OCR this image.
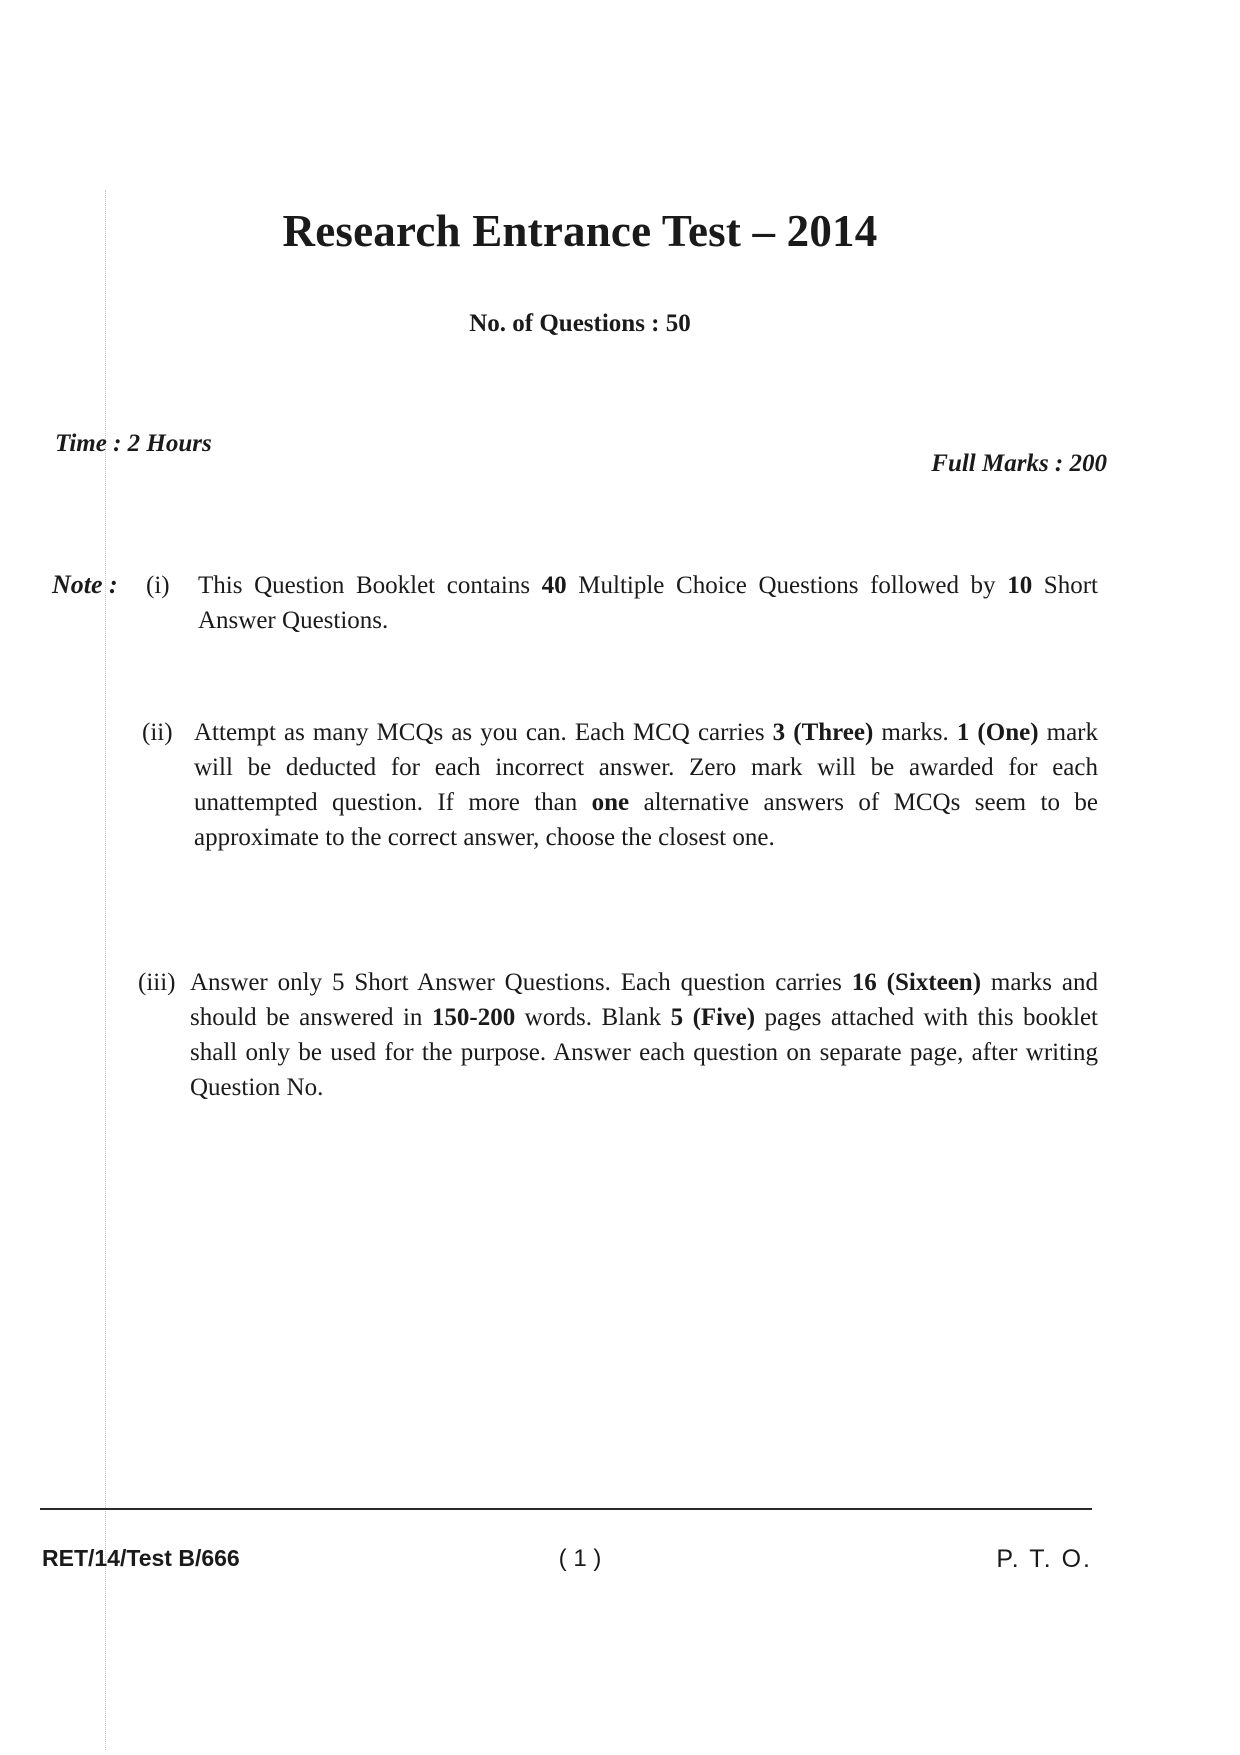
Research Entrance Test – 2014
No. of Questions : 50
Time : 2 Hours
Full Marks : 200
Note : (i) This Question Booklet contains 40 Multiple Choice Questions followed by 10 Short Answer Questions.
(ii) Attempt as many MCQs as you can. Each MCQ carries 3 (Three) marks. 1 (One) mark will be deducted for each incorrect answer. Zero mark will be awarded for each unattempted question. If more than one alternative answers of MCQs seem to be approximate to the correct answer, choose the closest one.
(iii) Answer only 5 Short Answer Questions. Each question carries 16 (Sixteen) marks and should be answered in 150-200 words. Blank 5 (Five) pages attached with this booklet shall only be used for the purpose. Answer each question on separate page, after writing Question No.
RET/14/Test B/666	( 1 )	P. T. O.
